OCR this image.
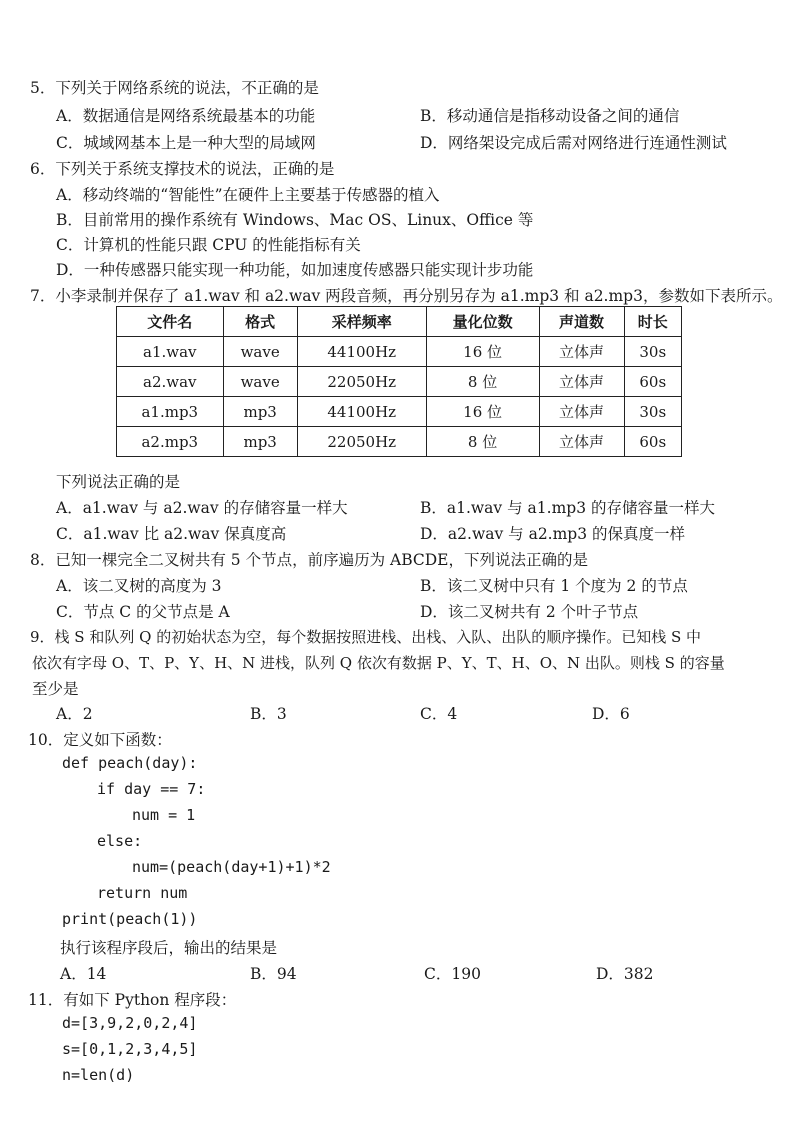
5．下列关于网络系统的说法，不正确的是
A．数据通信是网络系统最基本的功能	B．移动通信是指移动设备之间的通信
C．城域网基本上是一种大型的局域网	D．网络架设完成后需对网络进行连通性测试
6．下列关于系统支撑技术的说法，正确的是
A．移动终端的“智能性”在硬件上主要基于传感器的植入
B．目前常用的操作系统有 Windows、Mac OS、Linux、Office 等
C．计算机的性能只跟 CPU 的性能指标有关
D．一种传感器只能实现一种功能，如加速度传感器只能实现计步功能
7．小李录制并保存了 a1.wav 和 a2.wav 两段音频，再分别另存为 a1.mp3 和 a2.mp3，参数如下表所示。
文件名	格式	采样频率	量化位数	声道数	时长
a1.wav	wave	44100Hz	16 位	立体声	30s
a2.wav	wave	22050Hz	8 位	立体声	60s
a1.mp3	mp3	44100Hz	16 位	立体声	30s
a2.mp3	mp3	22050Hz	8 位	立体声	60s
下列说法正确的是
A．a1.wav 与 a2.wav 的存储容量一样大	B．a1.wav 与 a1.mp3 的存储容量一样大
C．a1.wav 比 a2.wav 保真度高	D．a2.wav 与 a2.mp3 的保真度一样
8．已知一棵完全二叉树共有 5 个节点，前序遍历为 ABCDE，下列说法正确的是
A．该二叉树的高度为 3	B．该二叉树中只有 1 个度为 2 的节点
C．节点 C 的父节点是 A	D．该二叉树共有 2 个叶子节点
9．栈 S 和队列 Q 的初始状态为空，每个数据按照进栈、出栈、入队、出队的顺序操作。已知栈 S 中
依次有字母 O、T、P、Y、H、N 进栈，队列 Q 依次有数据 P、Y、T、H、O、N 出队。则栈 S 的容量
至少是
A．2	B．3	C．4	D．6
10．定义如下函数：
def peach(day):
if day == 7:
num = 1
else:
num=(peach(day+1)+1)*2
return num
print(peach(1))
执行该程序段后，输出的结果是
A．14	B．94	C．190	D．382
11．有如下 Python 程序段：
d=[3,9,2,0,2,4]
s=[0,1,2,3,4,5]
n=len(d)
